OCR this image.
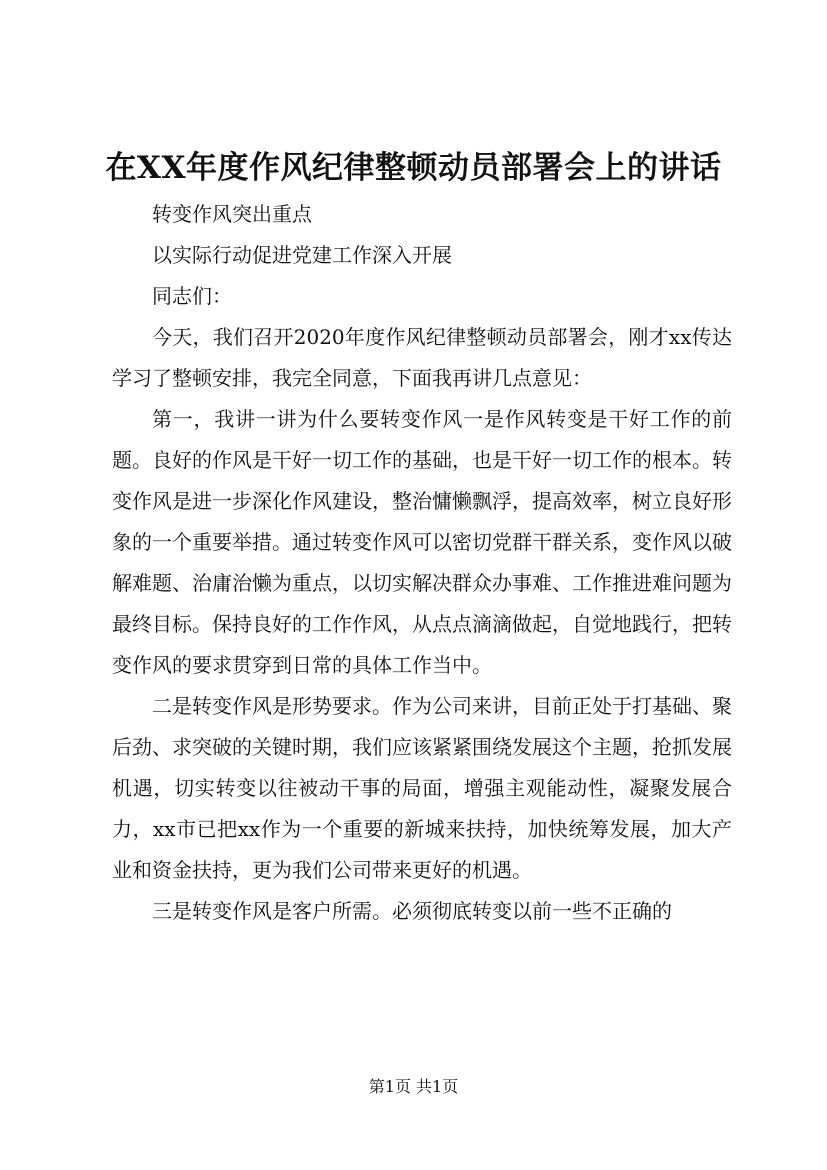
在XX年度作风纪律整顿动员部署会上的讲话

转变作风突出重点

以实际行动促进党建工作深入开展

同志们：

今天，我们召开2020年度作风纪律整顿动员部署会，刚才xx传达学习了整顿安排，我完全同意，下面我再讲几点意见：

第一，我讲一讲为什么要转变作风一是作风转变是干好工作的前题。良好的作风是干好一切工作的基础，也是干好一切工作的根本。转变作风是进一步深化作风建设，整治慵懒飘浮，提高效率，树立良好形象的一个重要举措。通过转变作风可以密切党群干群关系，变作风以破解难题、治庸治懒为重点，以切实解决群众办事难、工作推进难问题为最终目标。保持良好的工作作风，从点点滴滴做起，自觉地践行，把转变作风的要求贯穿到日常的具体工作当中。

二是转变作风是形势要求。作为公司来讲，目前正处于打基础、聚后劲、求突破的关键时期，我们应该紧紧围绕发展这个主题，抢抓发展机遇，切实转变以往被动干事的局面，增强主观能动性，凝聚发展合力，xx市已把xx作为一个重要的新城来扶持，加快统筹发展，加大产业和资金扶持，更为我们公司带来更好的机遇。

三是转变作风是客户所需。必须彻底转变以前一些不正确的

第1页 共1页
